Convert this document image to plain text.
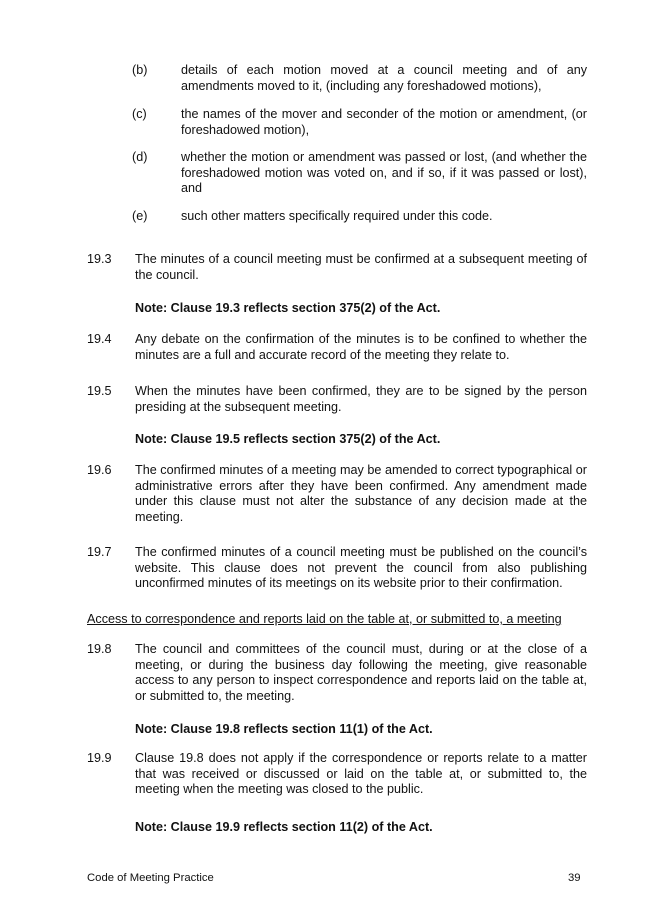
(b)	details of each motion moved at a council meeting and of any amendments moved to it, (including any foreshadowed motions),
(c)	the names of the mover and seconder of the motion or amendment, (or foreshadowed motion),
(d)	whether the motion or amendment was passed or lost, (and whether the foreshadowed motion was voted on, and if so, if it was passed or lost), and
(e)	such other matters specifically required under this code.
19.3 The minutes of a council meeting must be confirmed at a subsequent meeting of the council.
Note: Clause 19.3 reflects section 375(2) of the Act.
19.4 Any debate on the confirmation of the minutes is to be confined to whether the minutes are a full and accurate record of the meeting they relate to.
19.5 When the minutes have been confirmed, they are to be signed by the person presiding at the subsequent meeting.
Note: Clause 19.5 reflects section 375(2) of the Act.
19.6 The confirmed minutes of a meeting may be amended to correct typographical or administrative errors after they have been confirmed. Any amendment made under this clause must not alter the substance of any decision made at the meeting.
19.7 The confirmed minutes of a council meeting must be published on the council’s website. This clause does not prevent the council from also publishing unconfirmed minutes of its meetings on its website prior to their confirmation.
Access to correspondence and reports laid on the table at, or submitted to, a meeting
19.8 The council and committees of the council must, during or at the close of a meeting, or during the business day following the meeting, give reasonable access to any person to inspect correspondence and reports laid on the table at, or submitted to, the meeting.
Note: Clause 19.8 reflects section 11(1) of the Act.
19.9 Clause 19.8 does not apply if the correspondence or reports relate to a matter that was received or discussed or laid on the table at, or submitted to, the meeting when the meeting was closed to the public.
Note: Clause 19.9 reflects section 11(2) of the Act.
Code of Meeting Practice	39
